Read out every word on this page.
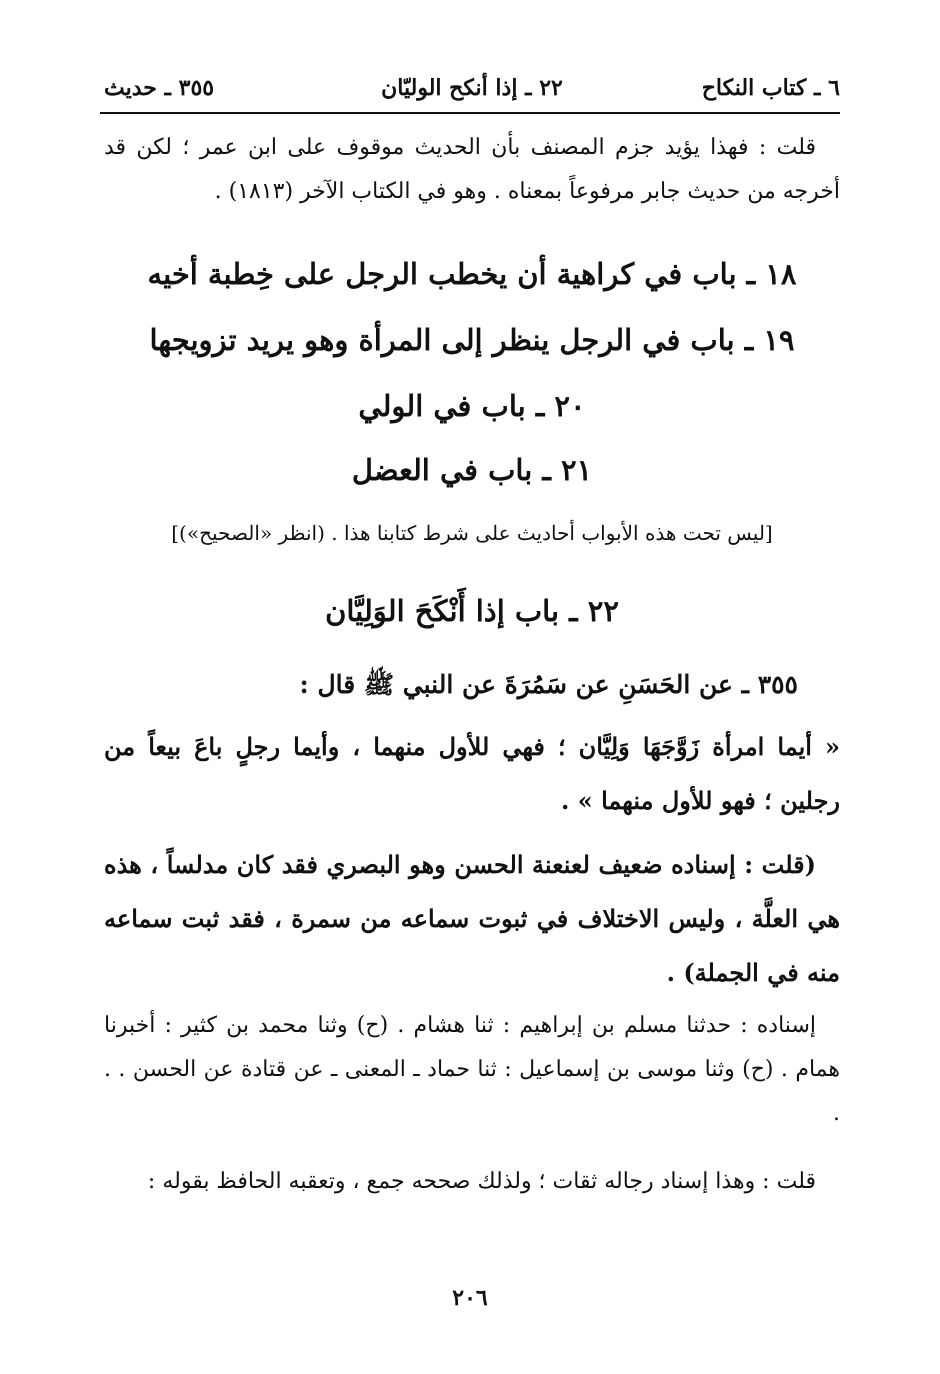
٦ ـ كتاب النكاح
٢٢ ـ إذا أنكح الوليّان
٣٥٥ ـ حديث

قلت : فهذا يؤيد جزم المصنف بأن الحديث موقوف على ابن عمر ؛ لكن قد أخرجه من حديث جابر مرفوعاً بمعناه . وهو في الكتاب الآخر (١٨١٣) .

١٨ ـ باب في كراهية أن يخطب الرجل على خِطبة أخيه
١٩ ـ باب في الرجل ينظر إلى المرأة وهو يريد تزويجها
٢٠ ـ باب في الولي
٢١ ـ باب في العضل

[ليس تحت هذه الأبواب أحاديث على شرط كتابنا هذا . (انظر «الصحيح»)]

٢٢ ـ باب إذا أَنْكَحَ الوَلِيَّان

٣٥٥ ـ عن الحَسَنِ عن سَمُرَةَ عن النبي ﷺ قال :

« أيما امرأة زَوَّجَهَا وَلِيَّان ؛ فهي للأول منهما ، وأيما رجلٍ باعَ بيعاً من رجلين ؛ فهو للأول منهما » .

(قلت : إسناده ضعيف لعنعنة الحسن وهو البصري فقد كان مدلساً ، هذه هي العلَّة ، وليس الاختلاف في ثبوت سماعه من سمرة ، فقد ثبت سماعه منه في الجملة) .

إسناده : حدثنا مسلم بن إبراهيم : ثنا هشام . (ح) وثنا محمد بن كثير : أخبرنا همام . (ح) وثنا موسى بن إسماعيل : ثنا حماد ـ المعنى ـ عن قتادة عن الحسن . . .

قلت : وهذا إسناد رجاله ثقات ؛ ولذلك صححه جمع ، وتعقبه الحافظ بقوله :

٢٠٦
